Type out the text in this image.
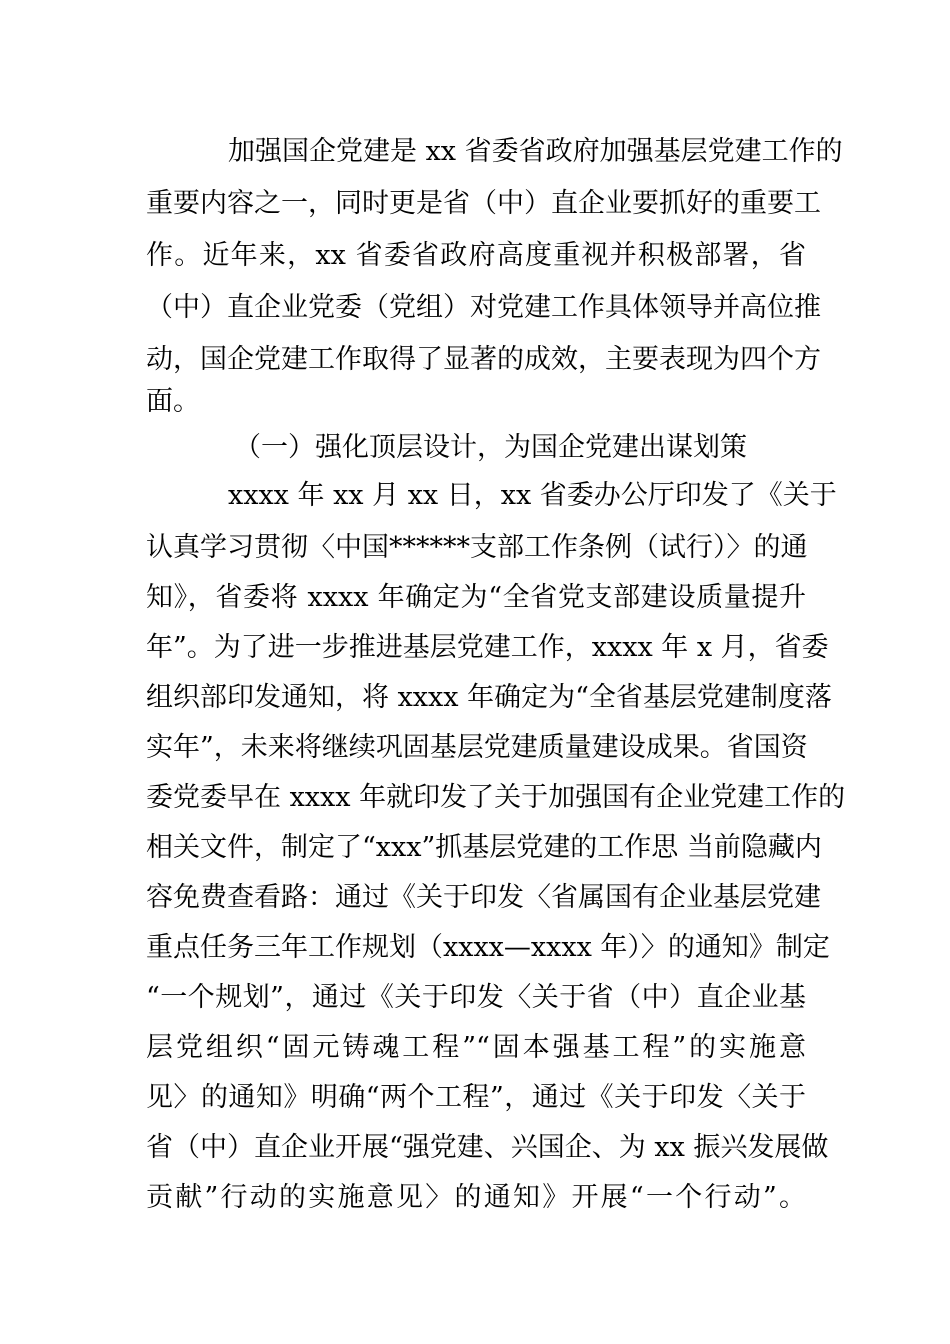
加强国企党建是 xx 省委省政府加强基层党建工作的
重要内容之一，同时更是省（中）直企业要抓好的重要工
作。近年来，xx 省委省政府高度重视并积极部署，省
（中）直企业党委（党组）对党建工作具体领导并高位推
动，国企党建工作取得了显著的成效，主要表现为四个方
面。
（一）强化顶层设计，为国企党建出谋划策
xxxx 年 xx 月 xx 日，xx 省委办公厅印发了《关于
认真学习贯彻〈中国******支部工作条例（试行）〉的通
知》，省委将 xxxx 年确定为“全省党支部建设质量提升
年”。为了进一步推进基层党建工作，xxxx 年 x 月，省委
组织部印发通知，将 xxxx 年确定为“全省基层党建制度落
实年”，未来将继续巩固基层党建质量建设成果。省国资
委党委早在 xxxx 年就印发了关于加强国有企业党建工作的
相关文件，制定了“xxx”抓基层党建的工作思 当前隐藏内
容免费查看路：通过《关于印发〈省属国有企业基层党建
重点任务三年工作规划（xxxx—xxxx 年）〉的通知》制定
“一个规划”，通过《关于印发〈关于省（中）直企业基
层党组织“固元铸魂工程”“固本强基工程”的实施意
见〉的通知》明确“两个工程”，通过《关于印发〈关于
省（中）直企业开展“强党建、兴国企、为 xx 振兴发展做
贡献”行动的实施意见〉的通知》开展“一个行动”。
